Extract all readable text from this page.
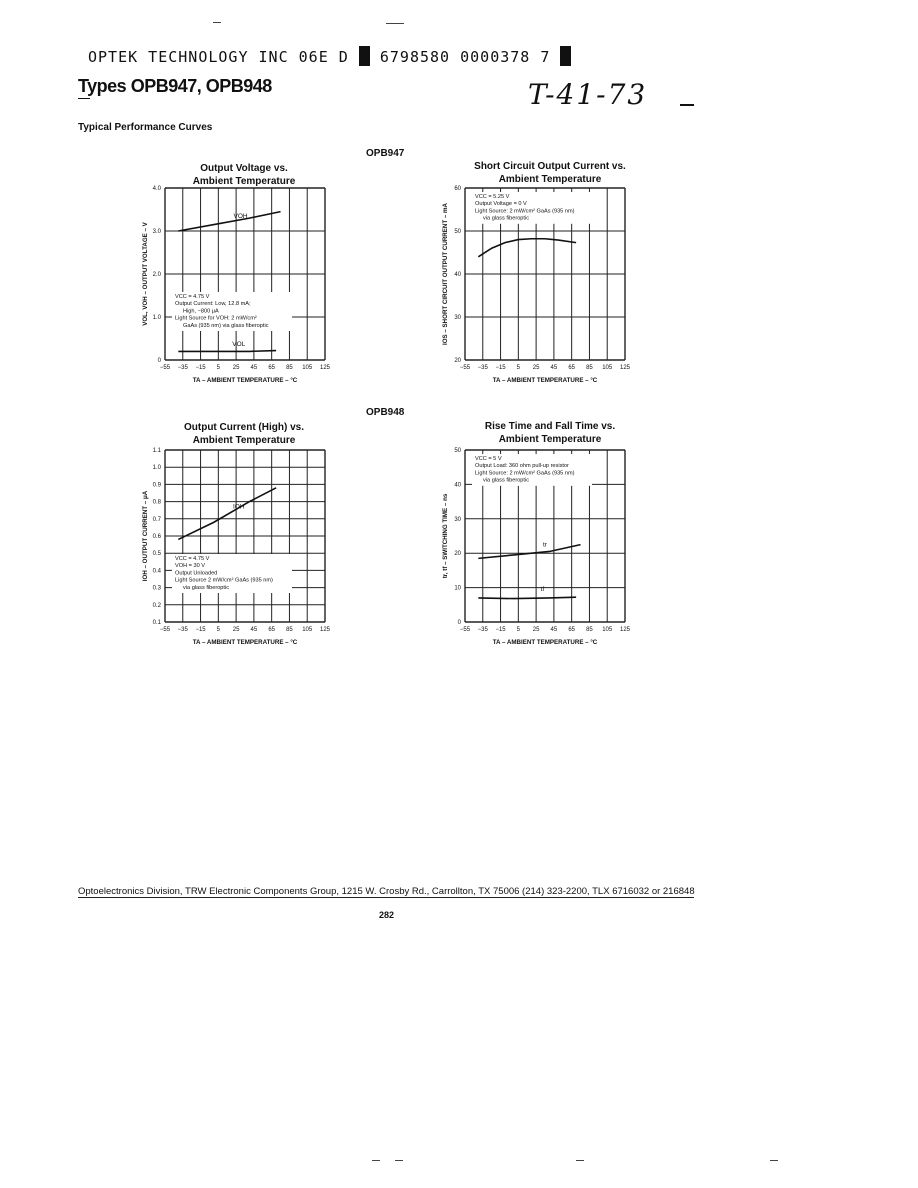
OPTEK TECHNOLOGY INC 06E D 6798580 0000378 7
T-41-73
Types OPB947, OPB948
Typical Performance Curves
OPB947
OPB948
Output Voltage vs.
Ambient Temperature
Short Circuit Output Current vs.
Ambient Temperature
Output Current (High) vs.
Ambient Temperature
Rise Time and Fall Time vs.
Ambient Temperature
−55 −35 −15 5 25 45 65 85 105 125
0
1.0
2.0
3.0
4.0
VOH
VOL
VCC = 4.75 V
Output Current: Low, 12.8 mA;
High, −800 μA
Light Source for VOH: 2 mW/cm²
GaAs (935 nm) via glass fiberoptic
TA – AMBIENT TEMPERATURE – °C
VOL, VOH – OUTPUT VOLTAGE – V
−55 −35 −15 5 25 45 65 85 105 125
20
30
40
50
60
VCC = 5.25 V
Output Voltage = 0 V
Light Source: 2 mW/cm² GaAs (935 nm)
via glass fiberoptic
TA – AMBIENT TEMPERATURE – °C
IOS – SHORT CIRCUIT OUTPUT CURRENT – mA
−55 −35 −15 5 25 45 65 85 105 125
0.1
0.2
0.3
0.4
0.5
0.6
0.7
0.8
0.9
1.0
1.1
IOH
VCC = 4.75 V
VOH = 30 V
Output Unloaded
Light Source 2 mW/cm² GaAs (935 nm)
via glass fiberoptic
TA – AMBIENT TEMPERATURE – °C
IOH – OUTPUT CURRENT – μA
−55 −35 −15 5 25 45 65 85 105 125
0
10
20
30
40
50
tr
tf
VCC = 5 V
Output Load: 360 ohm pull-up resistor
Light Source: 2 mW/cm² GaAs (935 nm)
via glass fiberoptic
TA – AMBIENT TEMPERATURE – °C
tr, tf – SWITCHING TIME – ns
Optoelectronics Division, TRW Electronic Components Group, 1215 W. Crosby Rd., Carrollton, TX 75006 (214) 323-2200, TLX 6716032 or 216848
282
